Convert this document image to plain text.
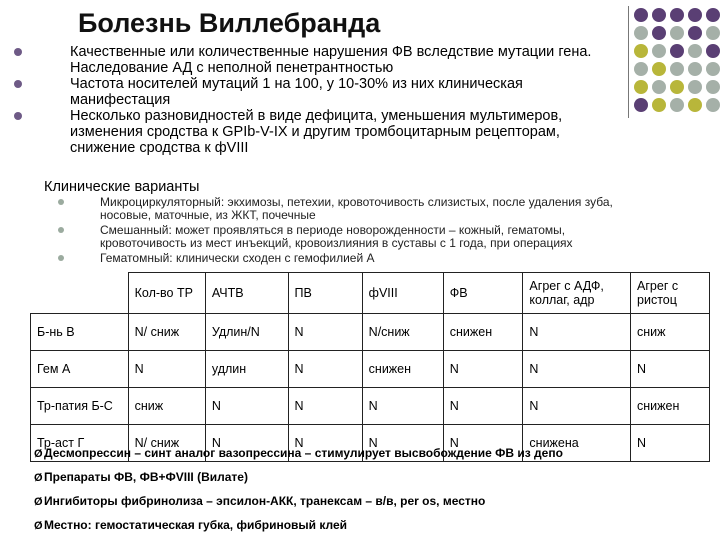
Болезнь Виллебранда
Качественные или количественные нарушения ФВ вследствие мутации гена.
Наследование АД с неполной пенетрантностью
Частота носителей мутаций 1 на 100, у 10-30% из них клиническая
манифестация
Несколько разновидностей в виде дефицита, уменьшения мультимеров,
изменения сродства к GPIb-V-IX и другим тромбоцитарным рецепторам,
снижение сродства к фVIII
Клинические варианты
Микроциркуляторный: экхимозы, петехии, кровоточивость слизистых, после удаления зуба,
носовые, маточные, из ЖКТ, почечные
Смешанный: может проявляться в периоде новорожденности – кожный, гематомы,
кровоточивость из мест инъекций, кровоизлияния в суставы с 1 года, при операциях
Гематомный: клинически сходен с гемофилией А
	Кол-во ТР	АЧТВ	ПВ	фVIII	ФВ	Агрег с АДФ, коллаг, адр	Агрег с ристоц
Б-нь В	N/ сниж	Удлин/N	N	N/сниж	снижен	N	сниж
Гем А	N	удлин	N	снижен	N	N	N
Тр-патия Б-С	сниж	N	N	N	N	N	снижен
Тр-аст Г	N/ сниж	N	N	N	N	снижена	N
ØДесмопрессин – синт аналог вазопрессина – стимулирует высвобождение ФВ из депо
ØПрепараты ФВ, ФВ+ФVIII (Вилате)
ØИнгибиторы фибринолиза – эпсилон-АКК, транексам – в/в, per os, местно
ØМестно: гемостатическая губка, фибриновый клей
